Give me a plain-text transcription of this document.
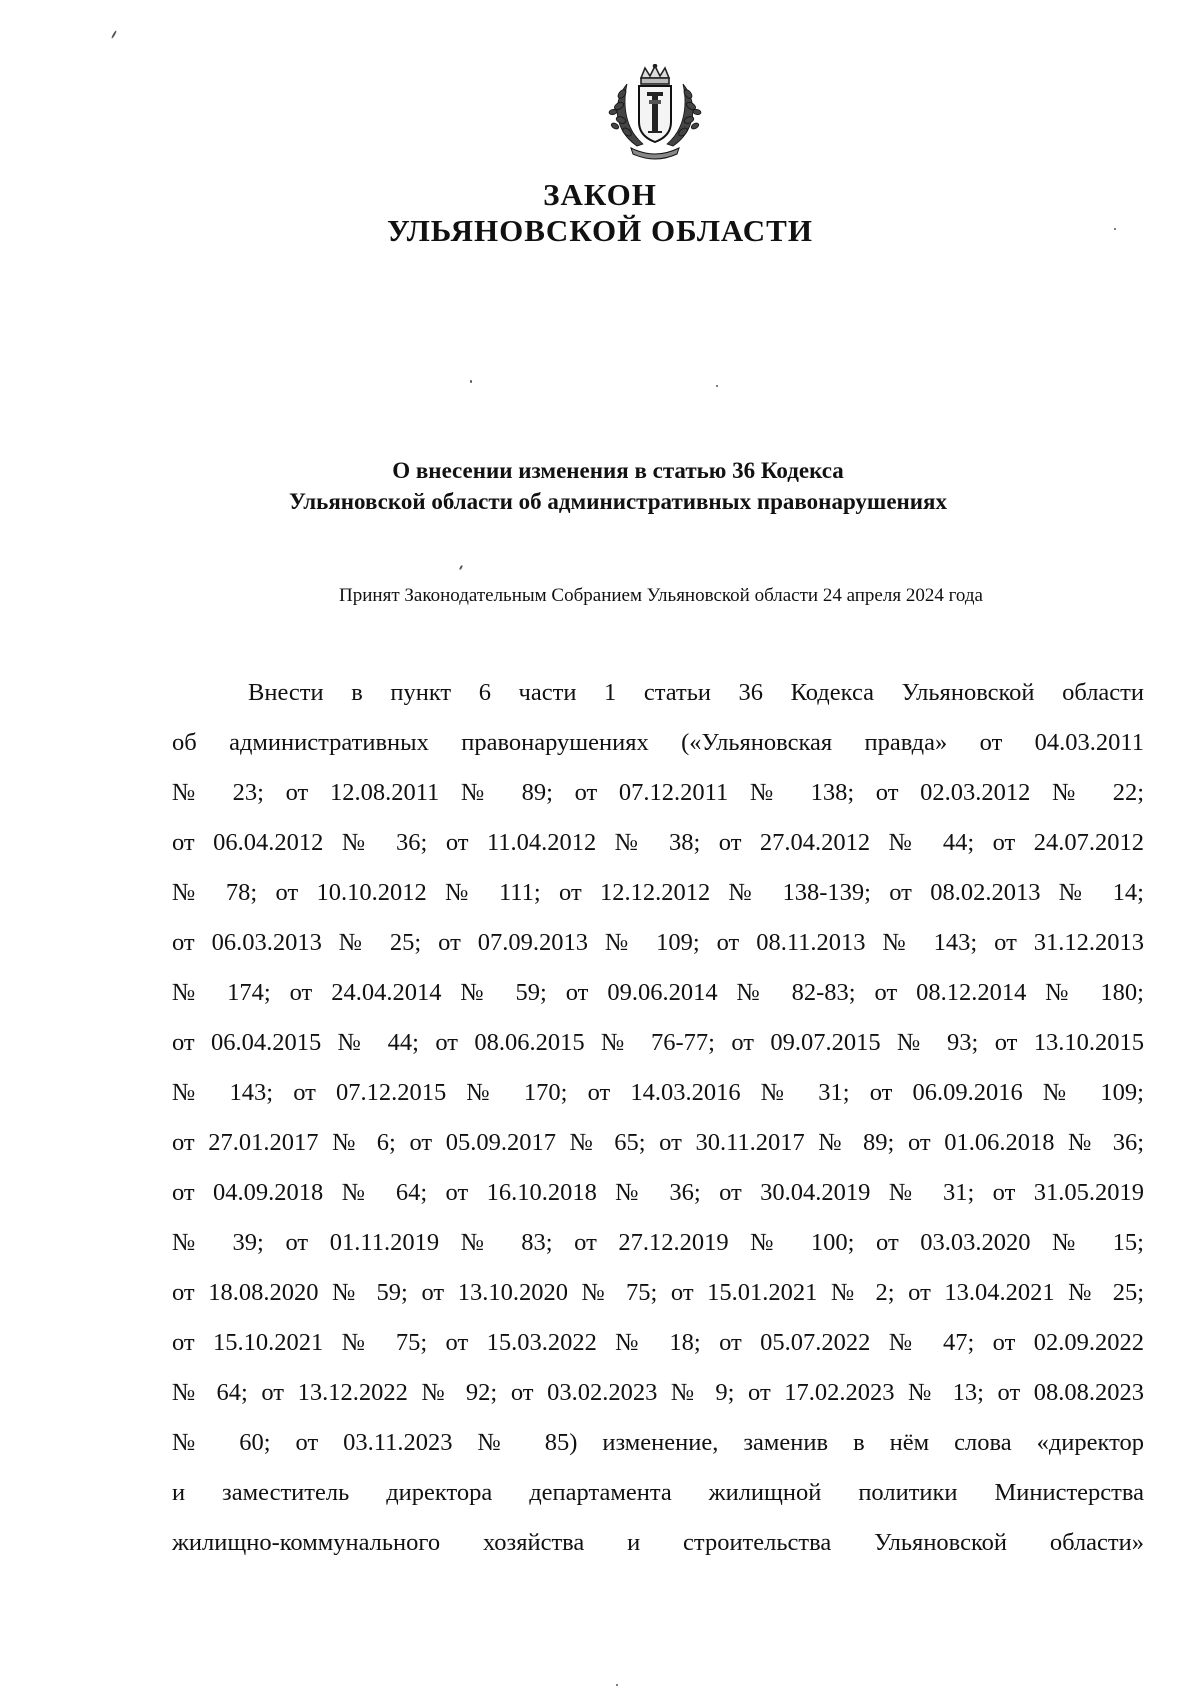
ЗАКОН
УЛЬЯНОВСКОЙ ОБЛАСТИ
О внесении изменения в статью 36 Кодекса
Ульяновской области об административных правонарушениях
Принят Законодательным Собранием Ульяновской области 24 апреля 2024 года
Внести в пункт 6 части 1 статьи 36 Кодекса Ульяновской области
об административных правонарушениях («Ульяновская правда» от 04.03.2011
№ 23; от 12.08.2011 № 89; от 07.12.2011 № 138; от 02.03.2012 № 22;
от 06.04.2012 № 36; от 11.04.2012 № 38; от 27.04.2012 № 44; от 24.07.2012
№ 78; от 10.10.2012 № 111; от 12.12.2012 № 138-139; от 08.02.2013 № 14;
от 06.03.2013 № 25; от 07.09.2013 № 109; от 08.11.2013 № 143; от 31.12.2013
№ 174; от 24.04.2014 № 59; от 09.06.2014 № 82-83; от 08.12.2014 № 180;
от 06.04.2015 № 44; от 08.06.2015 № 76-77; от 09.07.2015 № 93; от 13.10.2015
№ 143; от 07.12.2015 № 170; от 14.03.2016 № 31; от 06.09.2016 № 109;
от 27.01.2017 № 6; от 05.09.2017 № 65; от 30.11.2017 № 89; от 01.06.2018 № 36;
от 04.09.2018 № 64; от 16.10.2018 № 36; от 30.04.2019 № 31; от 31.05.2019
№ 39; от 01.11.2019 № 83; от 27.12.2019 № 100; от 03.03.2020 № 15;
от 18.08.2020 № 59; от 13.10.2020 № 75; от 15.01.2021 № 2; от 13.04.2021 № 25;
от 15.10.2021 № 75; от 15.03.2022 № 18; от 05.07.2022 № 47; от 02.09.2022
№ 64; от 13.12.2022 № 92; от 03.02.2023 № 9; от 17.02.2023 № 13; от 08.08.2023
№ 60; от 03.11.2023 № 85) изменение, заменив в нём слова «директор
и заместитель директора департамента жилищной политики Министерства
жилищно-коммунального хозяйства и строительства Ульяновской области»
